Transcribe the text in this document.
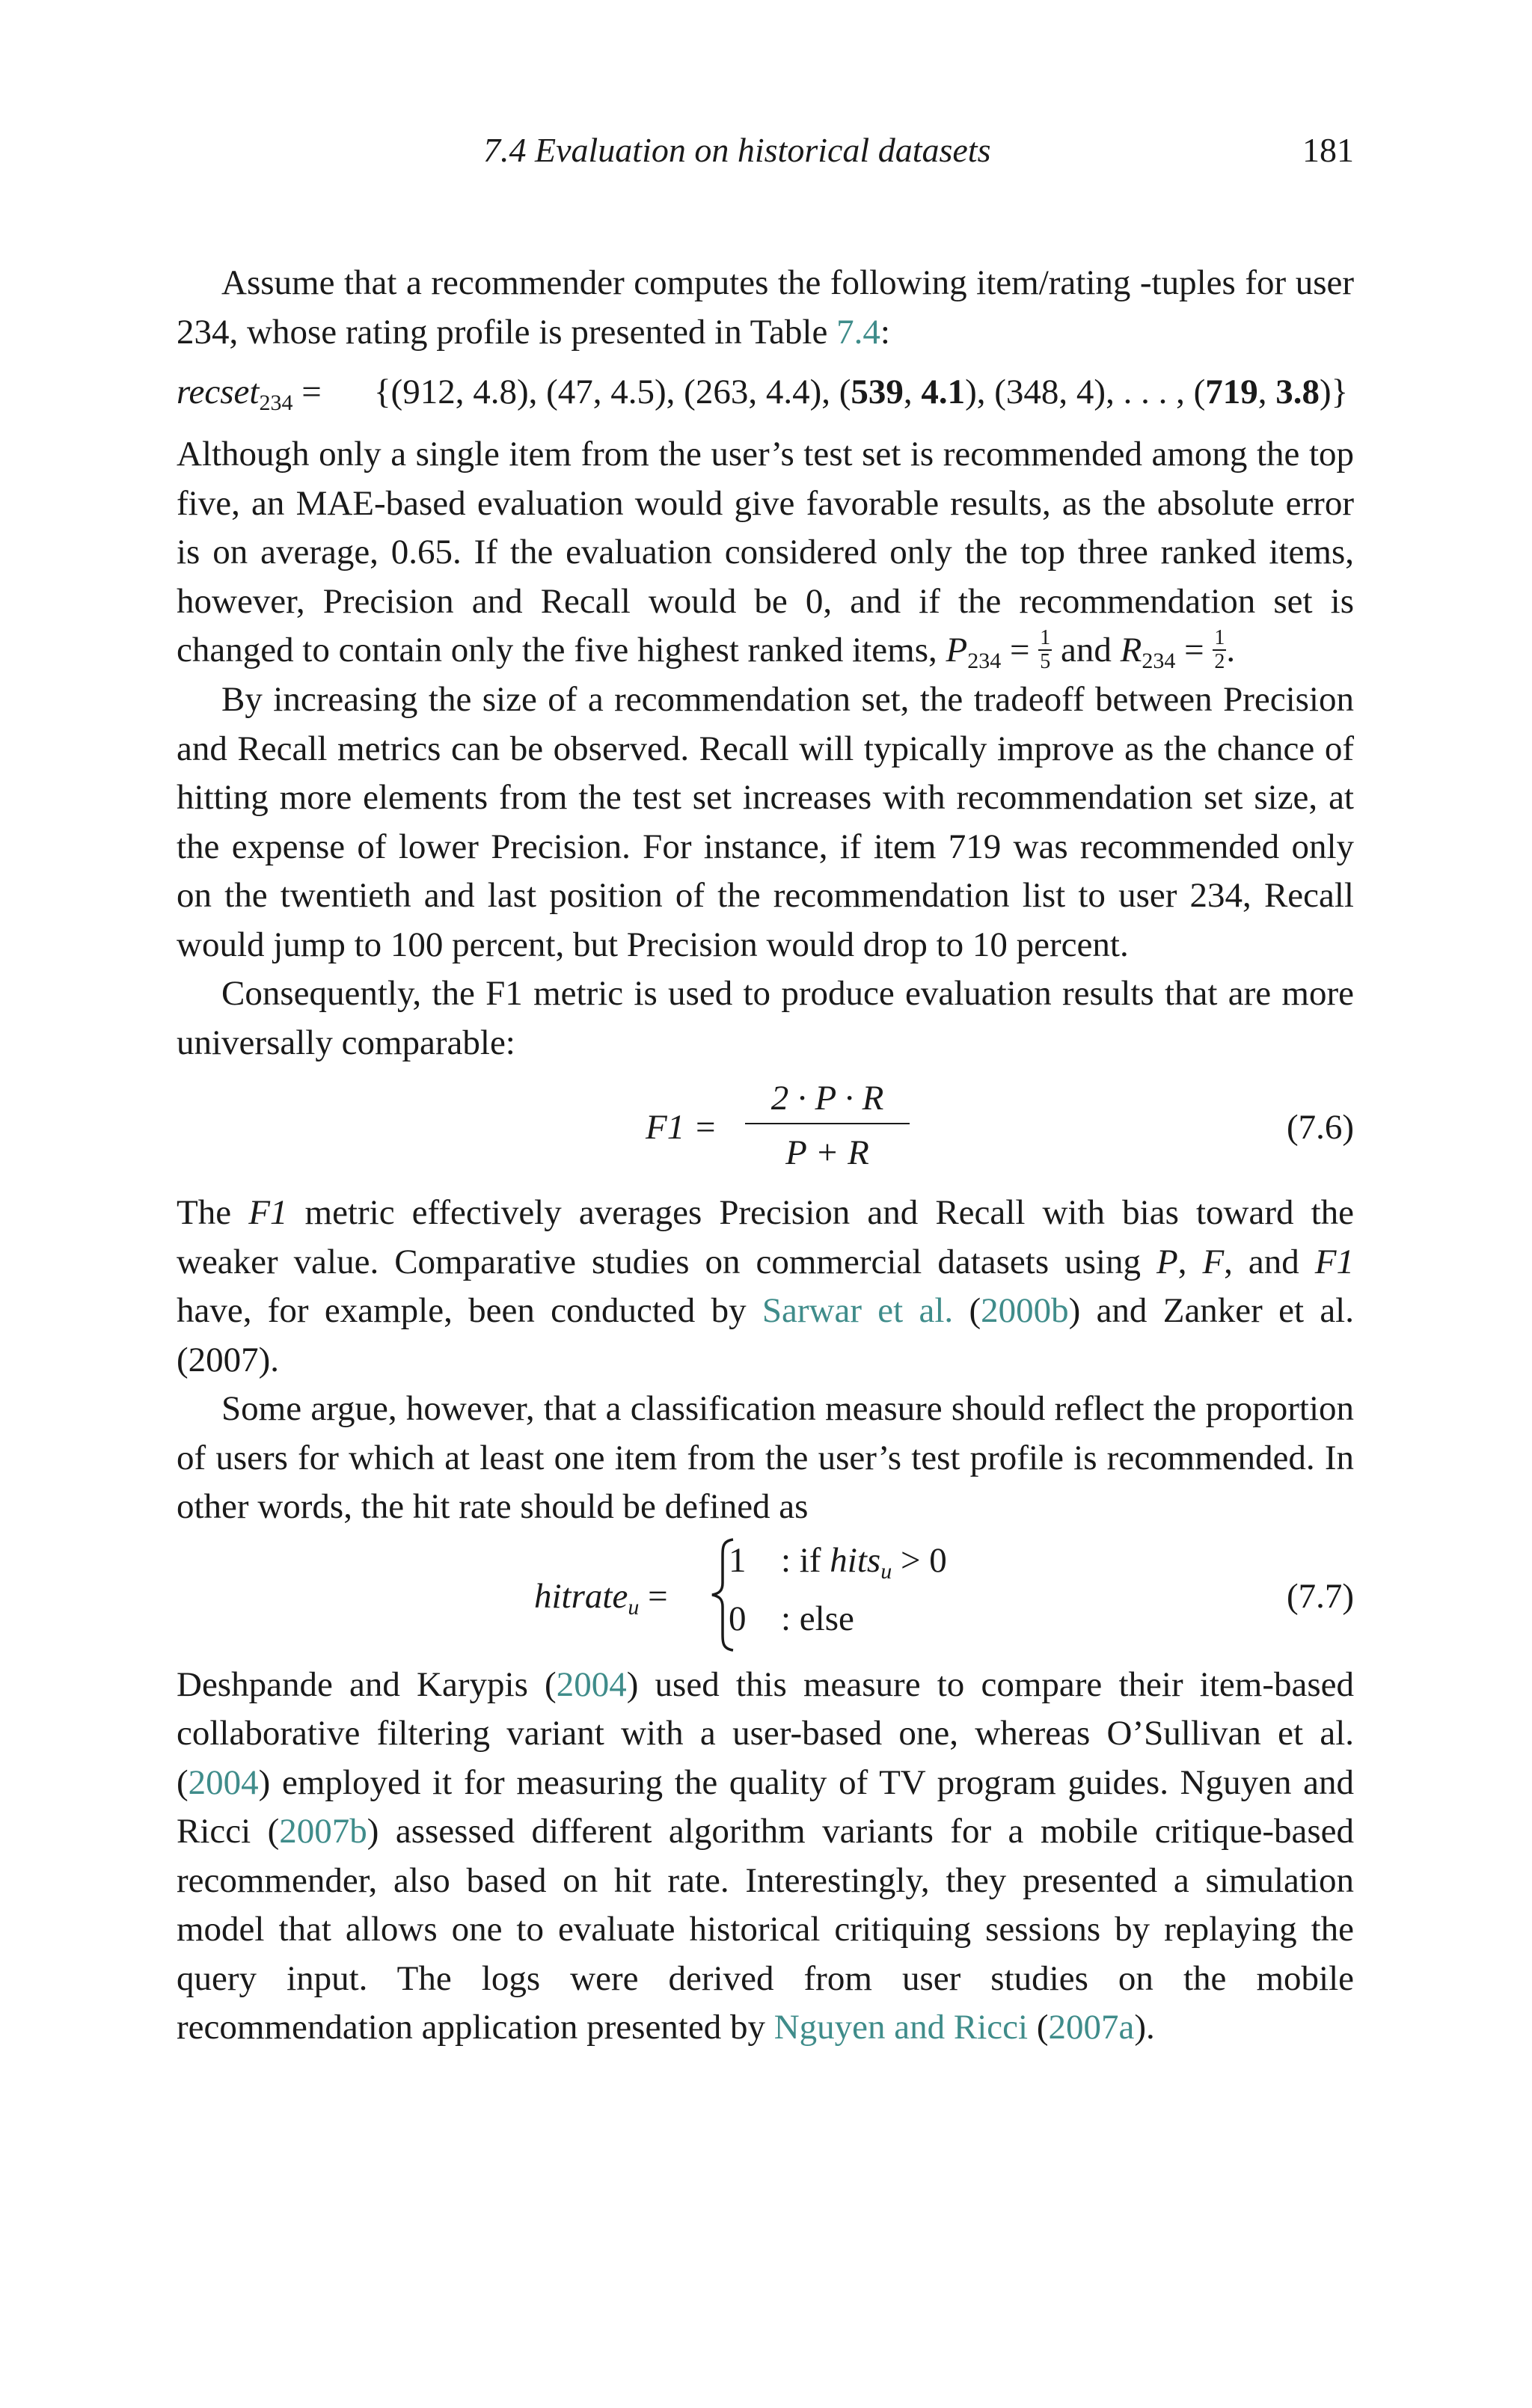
7.4 Evaluation on historical datasets	181

Assume that a recommender computes the following item/rating -tuples for user 234, whose rating profile is presented in Table 7.4:

recset$_{234}$ = {(912, 4.8), (47, 4.5), (263, 4.4), (539, 4.1), (348, 4), . . . , (719, 3.8)}

Although only a single item from the user’s test set is recommended among the top five, an MAE-based evaluation would give favorable results, as the absolute error is on average, 0.65. If the evaluation considered only the top three ranked items, however, Precision and Recall would be 0, and if the recommendation set is changed to contain only the five highest ranked items, $P_{234} = \frac{1}{5}$ and $R_{234} = \frac{1}{2}$ .

By increasing the size of a recommendation set, the tradeoff between Precision and Recall metrics can be observed. Recall will typically improve as the chance of hitting more elements from the test set increases with recommendation set size, at the expense of lower Precision. For instance, if item 719 was recommended only on the twentieth and last position of the recommendation list to user 234, Recall would jump to 100 percent, but Precision would drop to 10 percent.

Consequently, the F1 metric is used to produce evaluation results that are more universally comparable:

$F1 = \frac{2 \cdot P \cdot R}{P + R}$	(7.6)

The F1 metric effectively averages Precision and Recall with bias toward the weaker value. Comparative studies on commercial datasets using P, F, and F1 have, for example, been conducted by Sarwar et al. (2000b) and Zanker et al. (2007).

Some argue, however, that a classification measure should reflect the proportion of users for which at least one item from the user’s test profile is recommended. In other words, the hit rate should be defined as

hitrate$_u$ =
1 : if hits$_u$ > 0
0 : else
(7.7)

Deshpande and Karypis (2004) used this measure to compare their item-based collaborative filtering variant with a user-based one, whereas O’Sullivan et al. (2004) employed it for measuring the quality of TV program guides. Nguyen and Ricci (2007b) assessed different algorithm variants for a mobile critique-based recommender, also based on hit rate. Interestingly, they presented a simulation model that allows one to evaluate historical critiquing sessions by replaying the query input. The logs were derived from user studies on the mobile recommendation application presented by Nguyen and Ricci (2007a).
